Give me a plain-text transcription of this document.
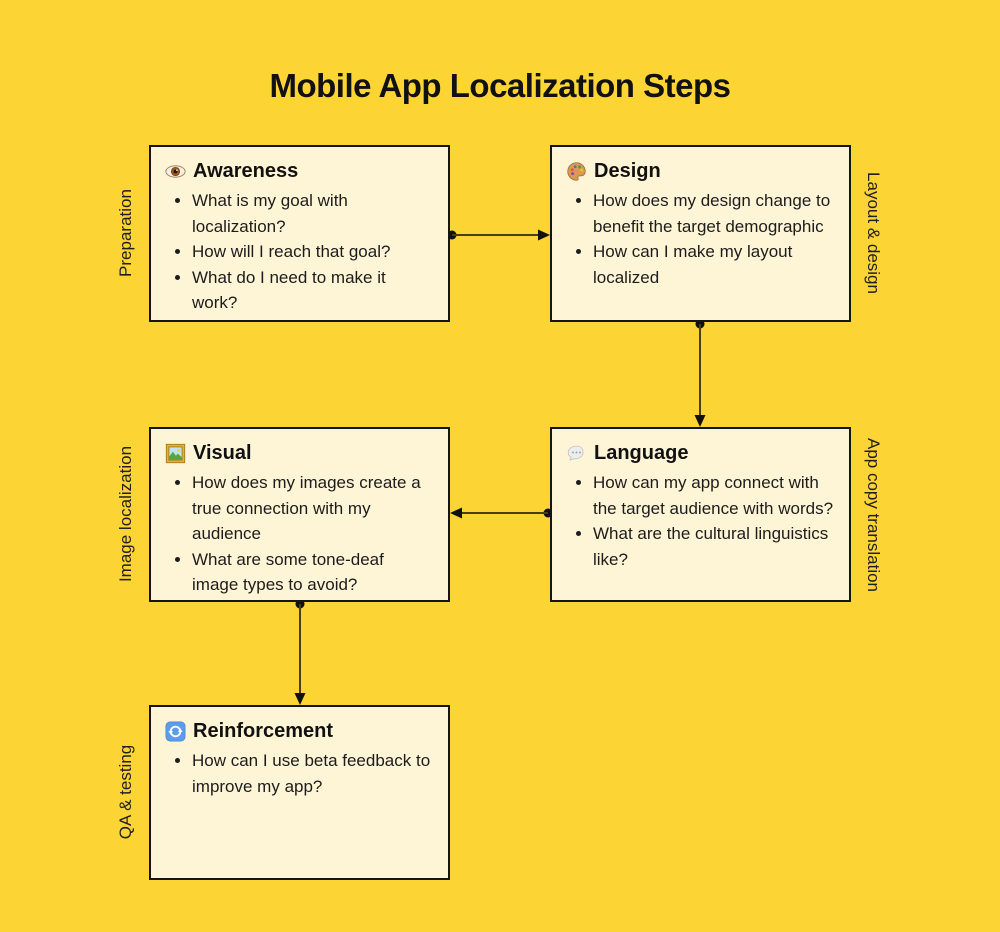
Mobile App Localization Steps
Awareness
• What is my goal with localization?
• How will I reach that goal?
• What do I need to make it work?
Design
• How does my design change to benefit the target demographic
• How can I make my layout localized
Visual
• How does my images create a true connection with my audience
• What are some tone-deaf image types to avoid?
Language
• How can my app connect with the target audience with words?
• What are the cultural linguistics like?
Reinforcement
• How can I use beta feedback to improve my app?
Preparation	Layout & design
Image localization	App copy translation
QA & testing
